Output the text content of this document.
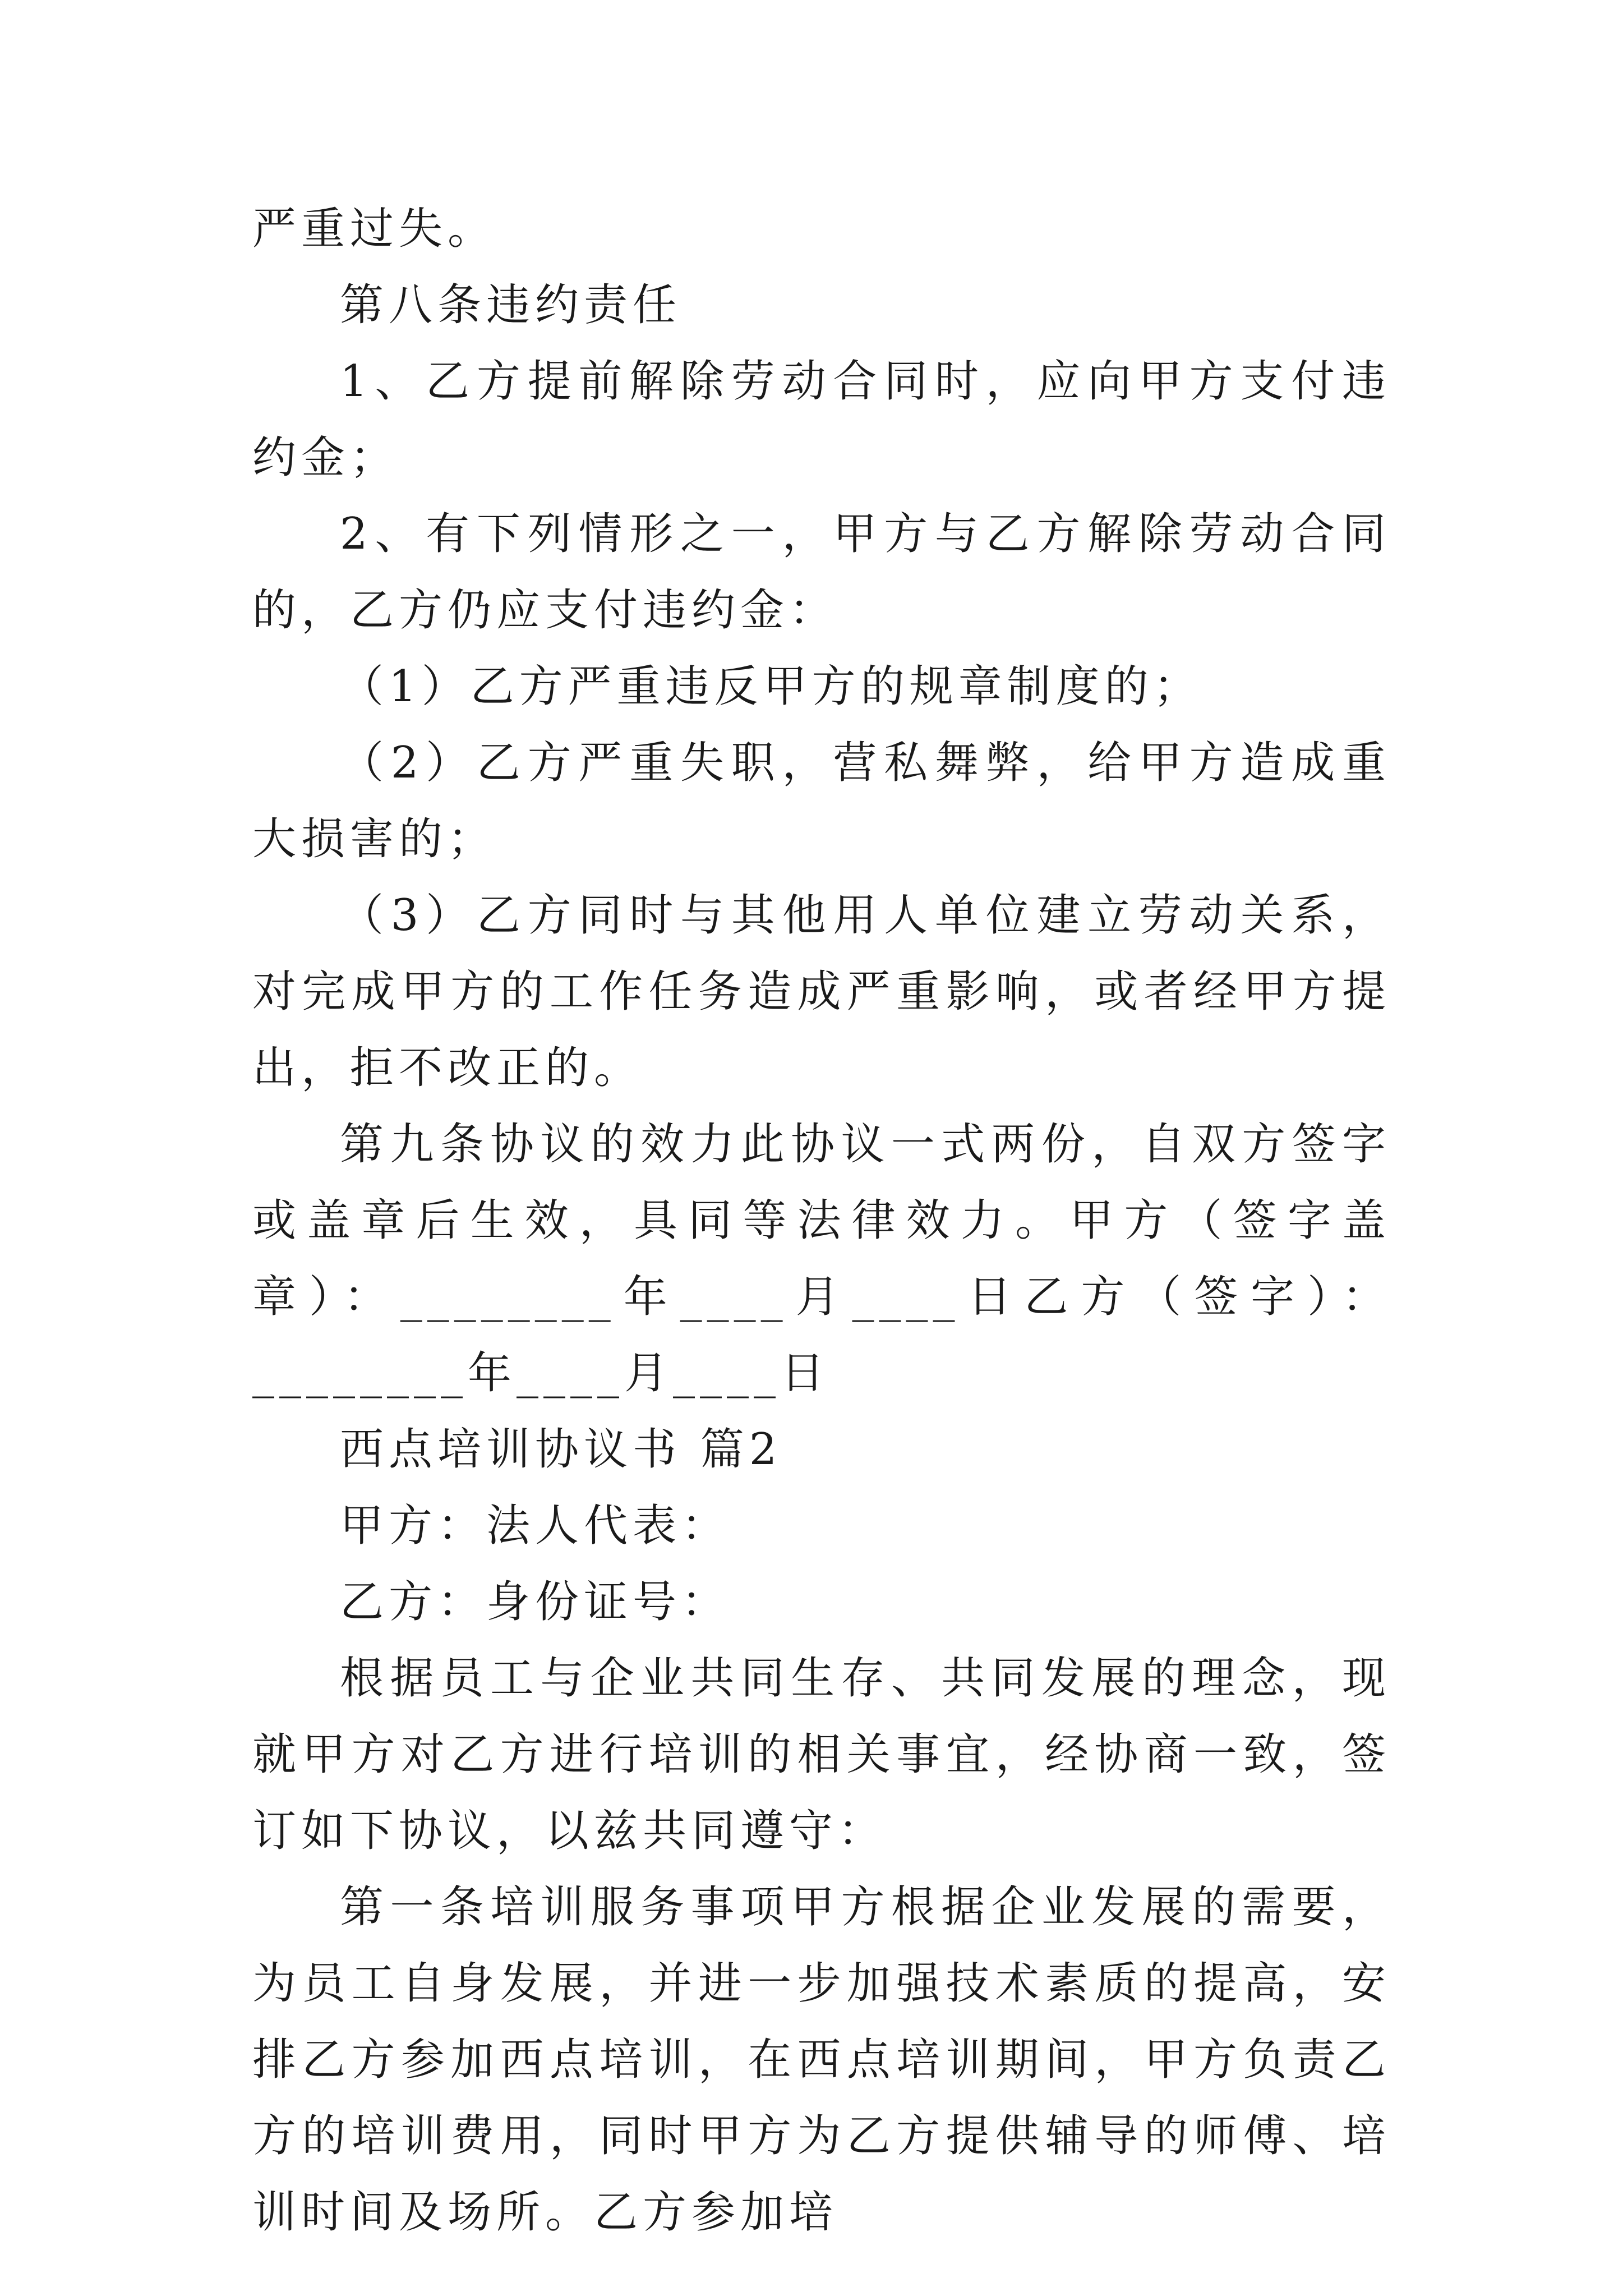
严重过失。

第八条违约责任

1、乙方提前解除劳动合同时，应向甲方支付违约金；

2、有下列情形之一，甲方与乙方解除劳动合同的，乙方仍应支付违约金：

（1）乙方严重违反甲方的规章制度的；

（2）乙方严重失职，营私舞弊，给甲方造成重大损害的；

（3）乙方同时与其他用人单位建立劳动关系，对完成甲方的工作任务造成严重影响，或者经甲方提出，拒不改正的。

第九条协议的效力此协议一式两份，自双方签字或盖章后生效，具同等法律效力。甲方（签字盖章）：________年____月____日乙方（签字）：________年____月____日

西点培训协议书 篇2

甲方：法人代表：

乙方：身份证号：

根据员工与企业共同生存、共同发展的理念，现就甲方对乙方进行培训的相关事宜，经协商一致，签订如下协议，以兹共同遵守：

第一条培训服务事项甲方根据企业发展的需要，为员工自身发展，并进一步加强技术素质的提高，安排乙方参加西点培训，在西点培训期间，甲方负责乙方的培训费用，同时甲方为乙方提供辅导的师傅、培训时间及场所。乙方参加培
